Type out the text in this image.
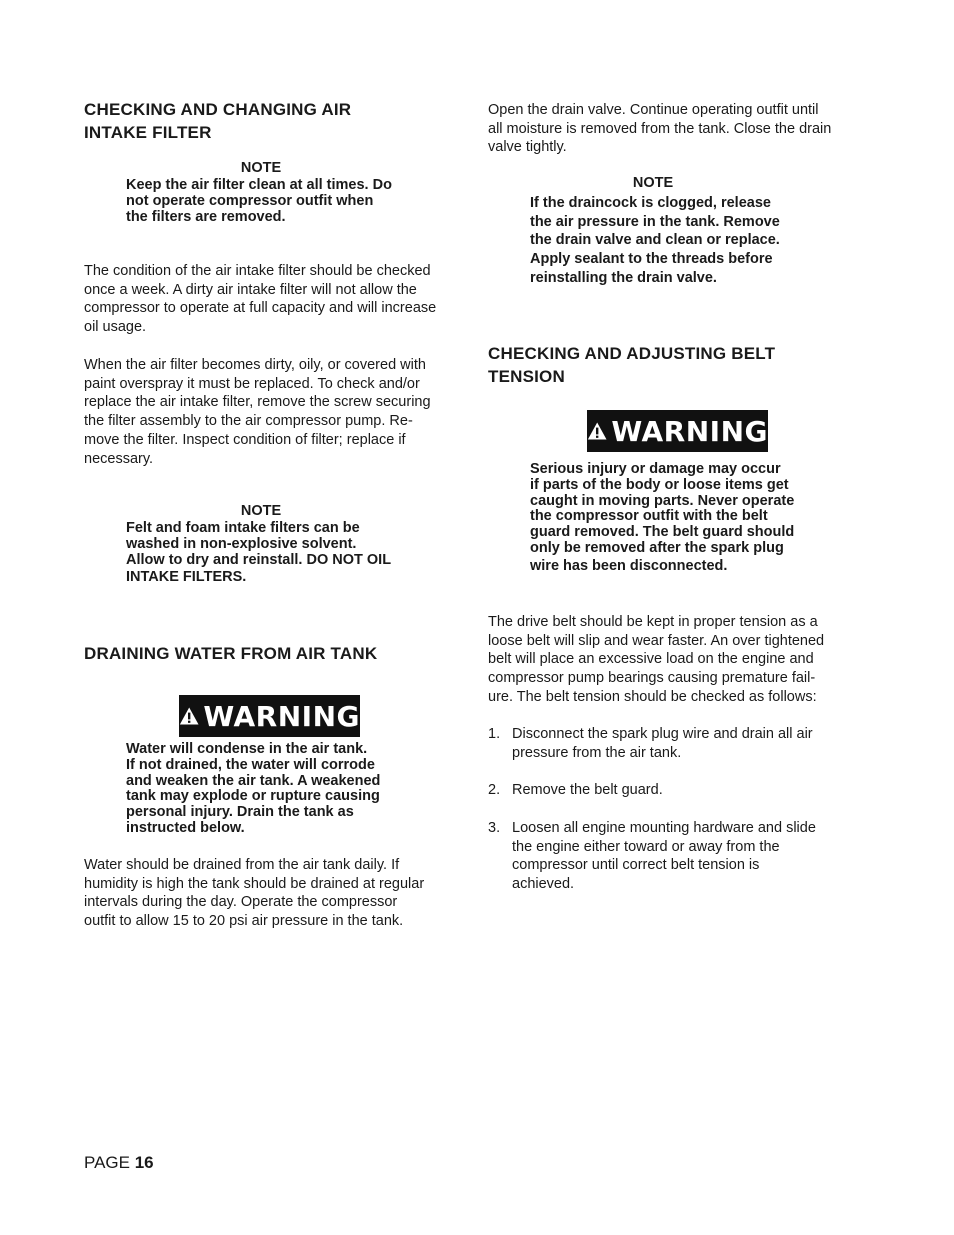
CHECKING AND CHANGING AIR
INTAKE FILTER
NOTE
Keep the air filter clean at all times. Do
not operate compressor outfit when
the filters are removed.

The condition of the air intake filter should be checked

once a week. A dirty air intake filter will not allow the

compressor to operate at full capacity and will increase

oil usage.

When the air filter becomes dirty, oily, or covered with

paint overspray it must be replaced. To check and/or

replace the air intake filter, remove the screw securing

the filter assembly to the air compressor pump. Re-

move the filter. Inspect condition of filter; replace if

necessary.

NOTE
Felt and foam intake filters can be
washed in non-explosive solvent.
Allow to dry and reinstall. DO NOT OIL
INTAKE FILTERS.
DRAINING WATER FROM AIR TANK
WARNING
Water will condense in the air tank.
If not drained, the water will corrode
and weaken the air tank. A weakened
tank may explode or rupture causing
personal injury. Drain the tank as
instructed below.

Water should be drained from the air tank daily. If

humidity is high the tank should be drained at regular

intervals during the day. Operate the compressor

outfit to allow 15 to 20 psi air pressure in the tank.

Open the drain valve. Continue operating outfit until

all moisture is removed from the tank. Close the drain

valve tightly.

NOTE
If the draincock is clogged, release
the air pressure in the tank. Remove
the drain valve and clean or replace.
Apply sealant to the threads before
reinstalling the drain valve.
CHECKING AND ADJUSTING BELT
TENSION
WARNING
Serious injury or damage may occur
if parts of the body or loose items get
caught in moving parts. Never operate
the compressor outfit with the belt
guard removed. The belt guard should
only be removed after the spark plug
wire has been disconnected.

The drive belt should be kept in proper tension as a

loose belt will slip and wear faster. An over tightened

belt will place an excessive load on the engine and

compressor pump bearings causing premature fail-

ure. The belt tension should be checked as follows:

1. Disconnect the spark plug wire and drain all air
pressure from the air tank.
2. Remove the belt guard.
3. Loosen all engine mounting hardware and slide
the engine either toward or away from the
compressor until correct belt tension is
achieved.
PAGE 16
